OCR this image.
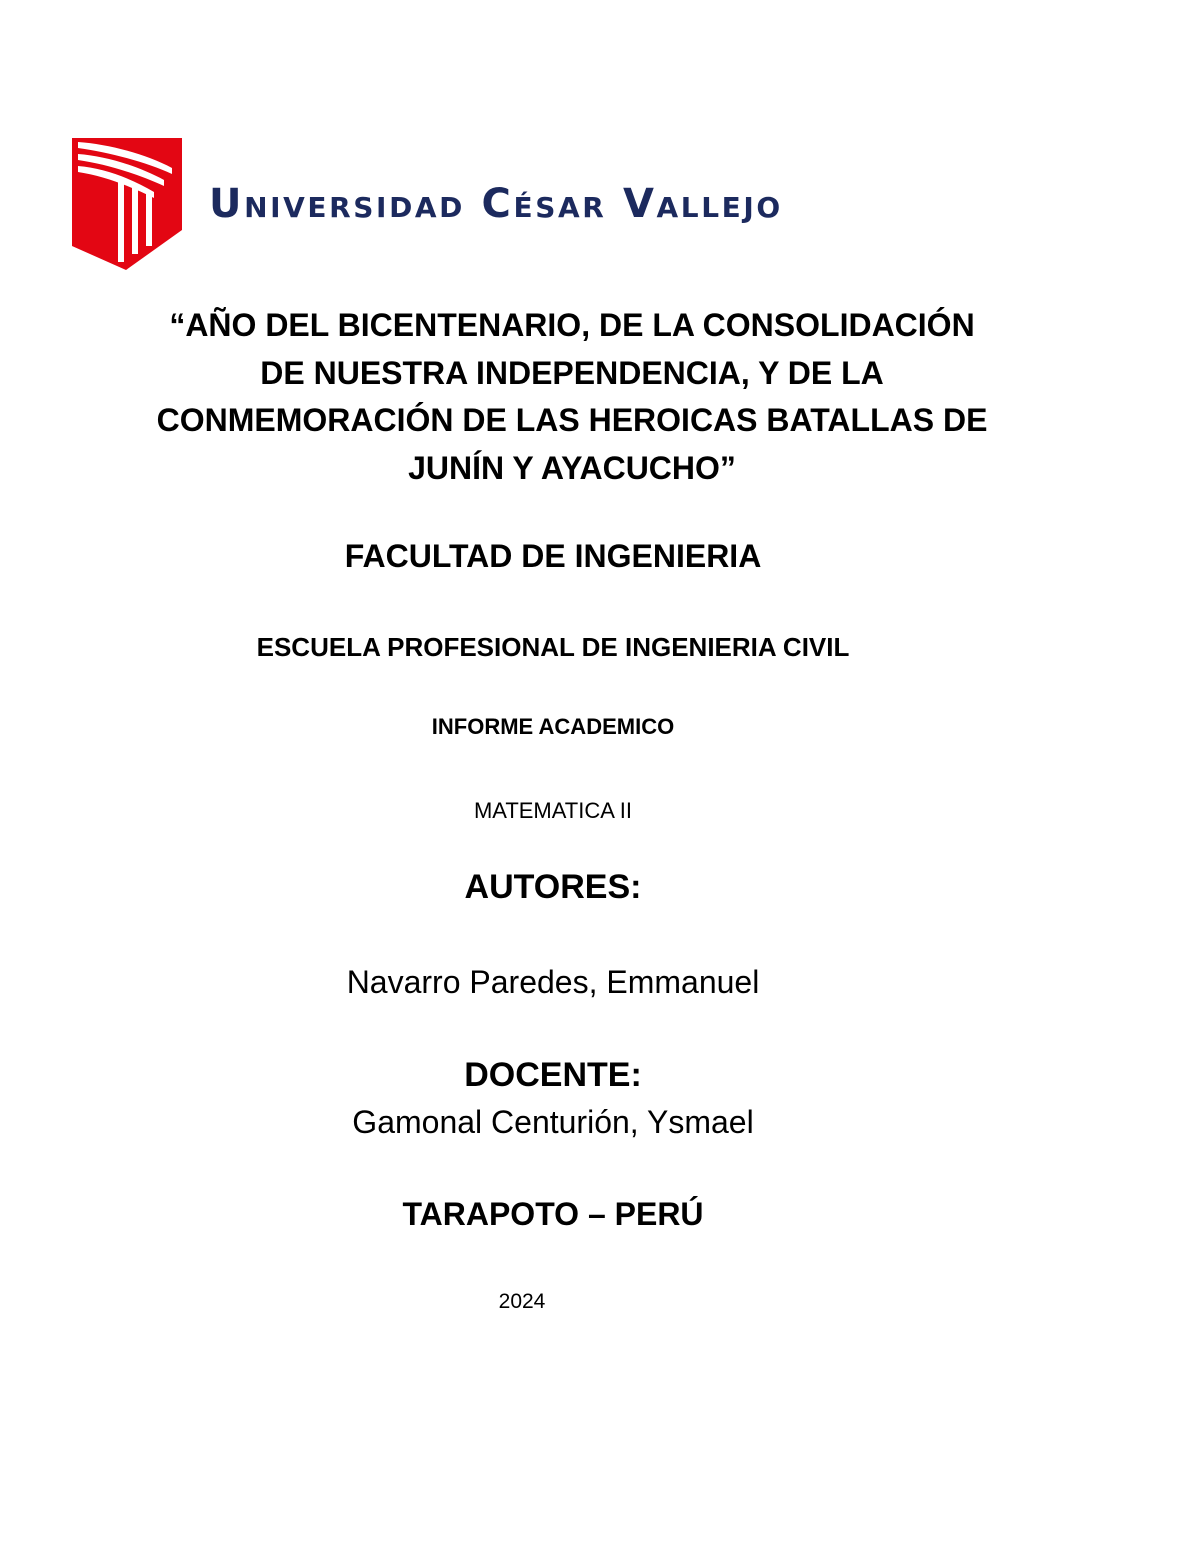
Universidad César Vallejo
“AÑO DEL BICENTENARIO, DE LA CONSOLIDACIÓN
DE NUESTRA INDEPENDENCIA, Y DE LA
CONMEMORACIÓN DE LAS HEROICAS BATALLAS DE
JUNÍN Y AYACUCHO”
FACULTAD DE INGENIERIA
ESCUELA PROFESIONAL DE INGENIERIA CIVIL
INFORME ACADEMICO
MATEMATICA II
AUTORES:
Navarro Paredes, Emmanuel
DOCENTE:
Gamonal Centurión, Ysmael
TARAPOTO – PERÚ
2024
